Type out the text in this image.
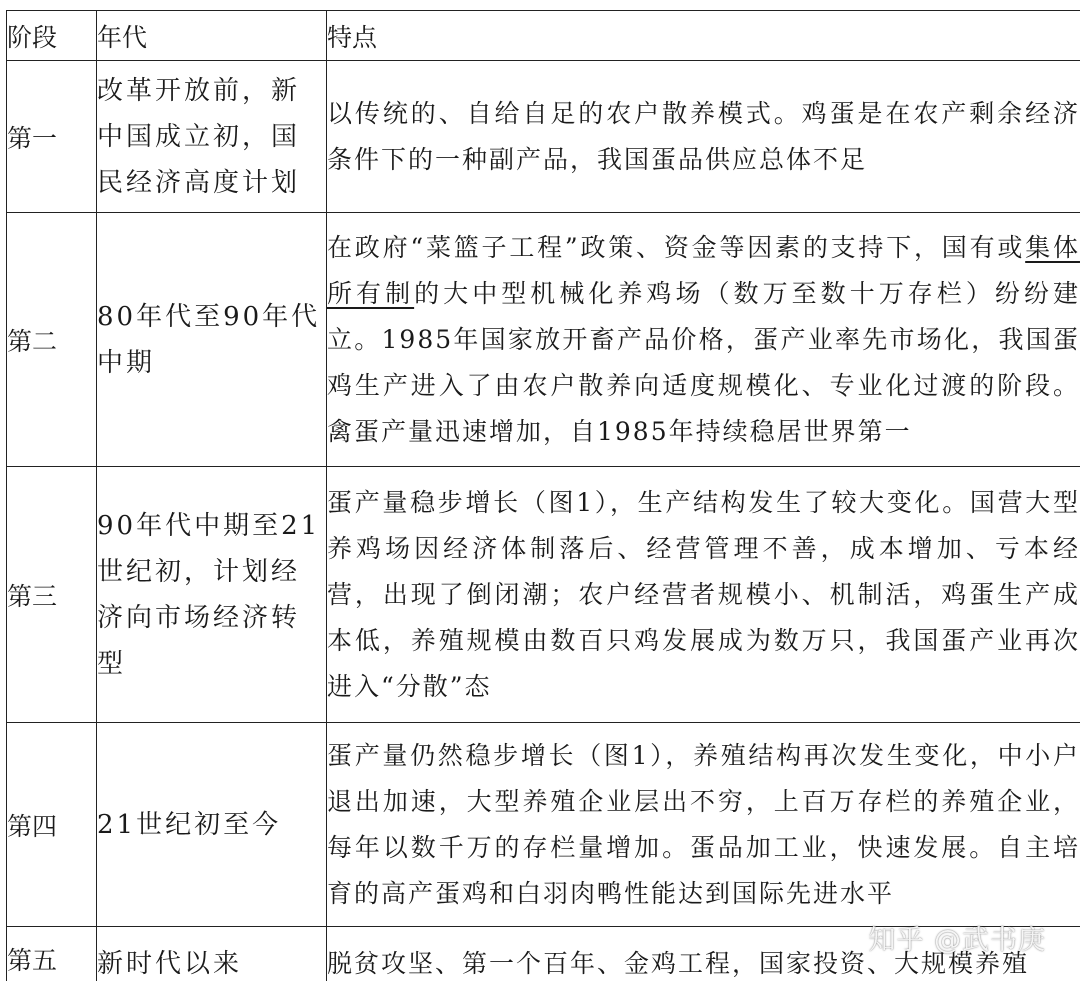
阶段	年代	特点
第一	改革开放前，新中国成立初，国民经济高度计划	以传统的、自给自足的农户散养模式。鸡蛋是在农产剩余经济条件下的一种副产品，我国蛋品供应总体不足
第二	80年代至90年代中期	在政府“菜篮子工程”政策、资金等因素的支持下，国有或集体所有制的大中型机械化养鸡场（数万至数十万存栏）纷纷建立。1985年国家放开畜产品价格，蛋产业率先市场化，我国蛋鸡生产进入了由农户散养向适度规模化、专业化过渡的阶段。禽蛋产量迅速增加，自1985年持续稳居世界第一
第三	90年代中期至21世纪初，计划经济向市场经济转型	蛋产量稳步增长（图1），生产结构发生了较大变化。国营大型养鸡场因经济体制落后、经营管理不善，成本增加、亏本经营，出现了倒闭潮；农户经营者规模小、机制活，鸡蛋生产成本低，养殖规模由数百只鸡发展成为数万只，我国蛋产业再次进入“分散”态
第四	21世纪初至今	蛋产量仍然稳步增长（图1），养殖结构再次发生变化，中小户退出加速，大型养殖企业层出不穷，上百万存栏的养殖企业，每年以数千万的存栏量增加。蛋品加工业，快速发展。自主培育的高产蛋鸡和白羽肉鸭性能达到国际先进水平
第五	新时代以来	脱贫攻坚、第一个百年、金鸡工程，国家投资、大规模养殖
知乎 @武书庚
